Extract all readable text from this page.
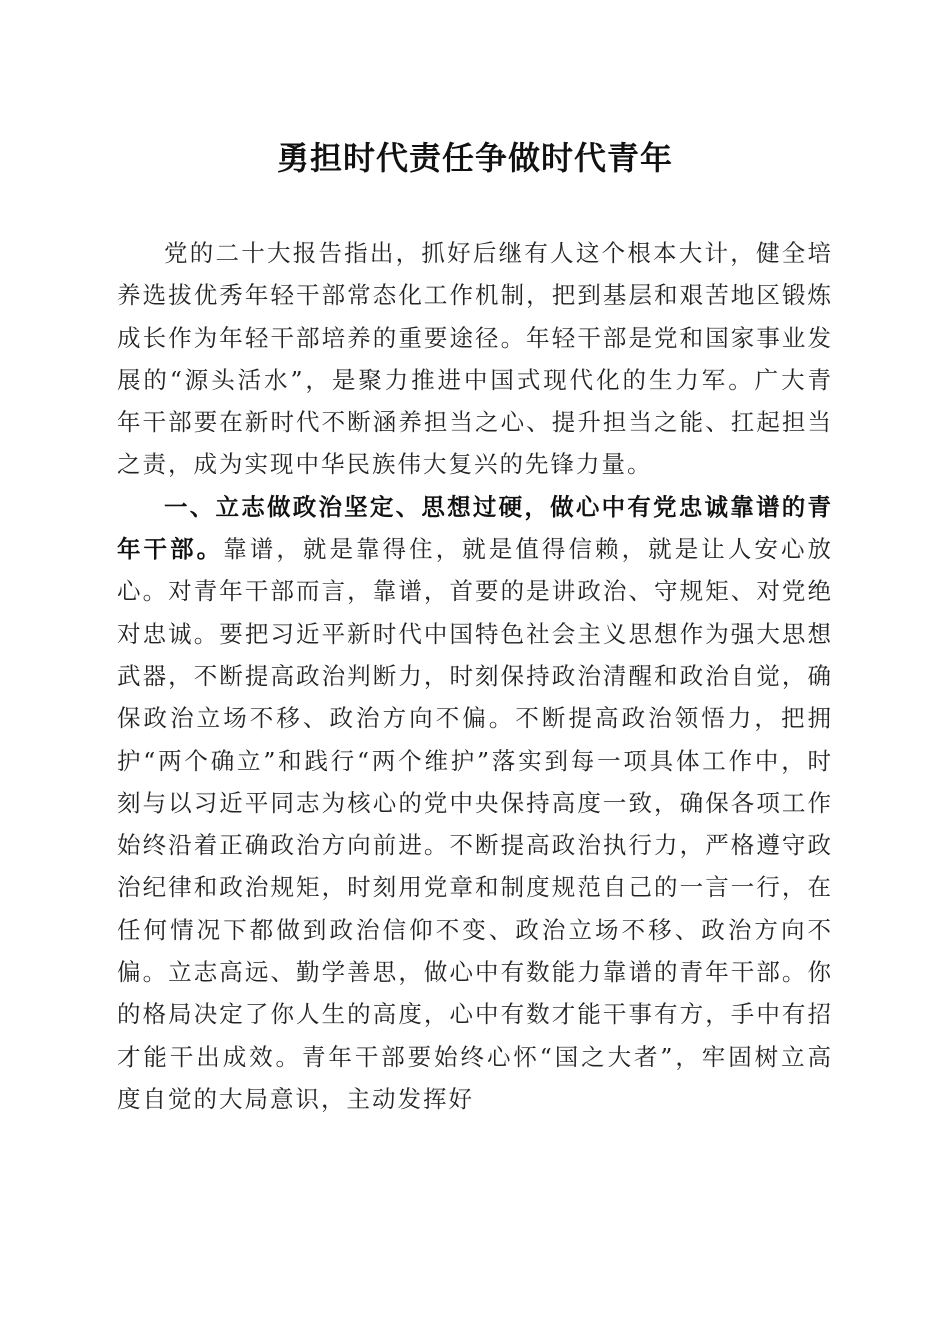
勇担时代责任争做时代青年

党的二十大报告指出，抓好后继有人这个根本大计，健全培养选拔优秀年轻干部常态化工作机制，把到基层和艰苦地区锻炼成长作为年轻干部培养的重要途径。年轻干部是党和国家事业发展的“源头活水”，是聚力推进中国式现代化的生力军。广大青年干部要在新时代不断涵养担当之心、提升担当之能、扛起担当之责，成为实现中华民族伟大复兴的先锋力量。

一、立志做政治坚定、思想过硬，做心中有党忠诚靠谱的青年干部。靠谱，就是靠得住，就是值得信赖，就是让人安心放心。对青年干部而言，靠谱，首要的是讲政治、守规矩、对党绝对忠诚。要把习近平新时代中国特色社会主义思想作为强大思想武器，不断提高政治判断力，时刻保持政治清醒和政治自觉，确保政治立场不移、政治方向不偏。不断提高政治领悟力，把拥护“两个确立”和践行“两个维护”落实到每一项具体工作中，时刻与以习近平同志为核心的党中央保持高度一致，确保各项工作始终沿着正确政治方向前进。不断提高政治执行力，严格遵守政治纪律和政治规矩，时刻用党章和制度规范自己的一言一行，在任何情况下都做到政治信仰不变、政治立场不移、政治方向不偏。立志高远、勤学善思，做心中有数能力靠谱的青年干部。你的格局决定了你人生的高度，心中有数才能干事有方，手中有招才能干出成效。青年干部要始终心怀“国之大者”，牢固树立高度自觉的大局意识，主动发挥好
